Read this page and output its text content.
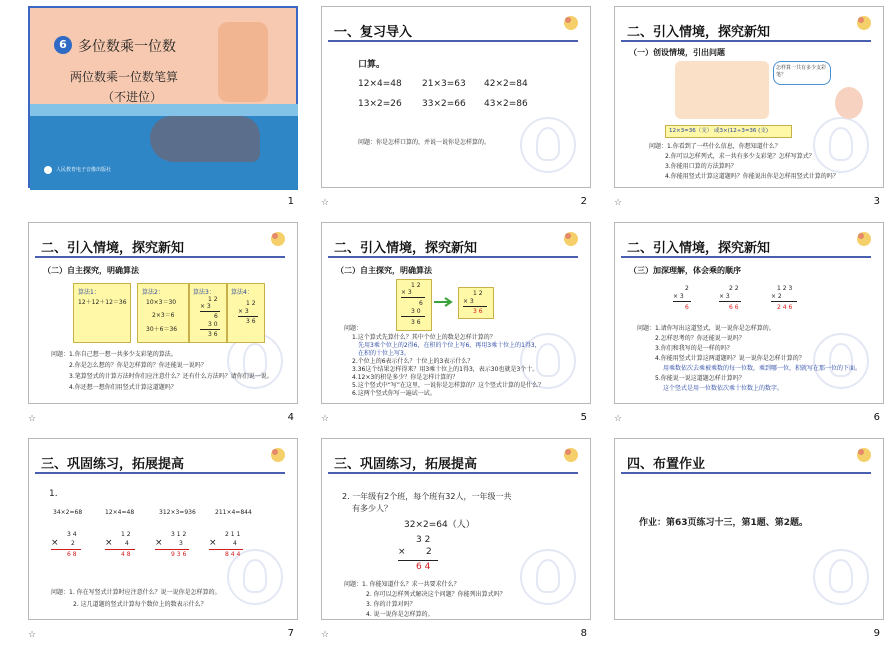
6 多位数乘一位数
两位数乘一位数笔算
（不进位）
人民教育电子音像出版社
1
一、复习导入
口算。
12×4=48 21×3=63 42×2=84
13×2=26 33×2=66 43×2=86
问题：你是怎样口算的，并说一说你是怎样算的。
☆	2
二、引入情境，探究新知
（一）创设情境，引出问题
怎样算一共有多少支彩笔？
12×3=36（支） 或3×(12÷3=36 (支)
问题：1.你看到了一些什么信息，你想知道什么？
2.你可以怎样列式，求一共有多少支彩笔？怎样写算式？
3.你能用口算的方法算吗？
4.你能用竖式计算这道题吗？你能说出你是怎样用竖式计算的吗？
☆	3
二、引入情境，探究新知
（二）自主探究，明确算法
算法1：
12＋12＋12＝36
算法2：
10×3＝30
2×3＝6
30＋6＝36
算法3：
1 2
× 3
6
3 0
3 6
算法4：
1 2
× 3
3 6
问题：1.你自己想一想一共多少支彩笔的算法。
2.你是怎么想的？你是怎样算的？你还能说一说吗？
3.笔算竖式的计算方法时你们应注意什么？还有什么方法吗？请你们说一说。
4.你还想一想你们用竖式计算这道题吗？
☆	4
二、引入情境，探究新知
（二）自主探究，明确算法
1 2
× 3
6
3 0
3 6
1 2
× 3
3 6
问题：
1.这个算式先算什么？其中个位上的数是怎样计算的？
先用3乘个位上的2得6，在积的个位上写6，再用3乘十位上的1得3，
在积的十位上写3。
2.个位上的6表示什么？十位上的3表示什么？
3.36这个结果怎样得来？用3乘十位上的1得3，表示30也就是3个十。
4.12×3的积是多少？你是怎样计算的？
5.这个竖式中“写”在这里，一说你是怎样算的？这个竖式计算的是什么？
6.这两个竖式你写一遍试一试。
☆	5
二、引入情境，探究新知
（三）加深理解，体会乘的顺序
2
× 3
6
2 2
× 3
6 6
1 2 3
× 2
2 4 6
问题：1.请你写出这道竖式，说一说你是怎样算的。
2.怎样思考的？你还能说一说吗？
3.你们和我写的是一样的吗？
4.你能用竖式计算这两道题吗？说一说你是怎样计算的？
用乘数依次去乘被乘数的每一位数，乘到哪一位，积就写在那一位的下面。
5.你能说一说这道题怎样计算吗？
这个竖式是用一位数依次乘十位数上的数字。
☆	6
三、巩固练习，拓展提高
1.
34×2=68	12×4=48	312×3=936	211×4=844
3 4
× 2
6 8
1 2
× 4
4 8
3 1 2
×	3
9 3 6
2 1 1
×	4
8 4 4
问题：1. 你在写竖式计算时应注意什么？说一说你是怎样算的。
2. 这几道题的竖式计算每个数位上的数表示什么？
☆	7
三、巩固练习，拓展提高
2. 一年级有2个班，每个班有32人，一年级一共
有多少人？
32×2=64（人）
3 2
× 2
6 4
问题：1. 你能知道什么？求一共要求什么？
2. 你可以怎样列式解决这个问题？你能列出算式吗？
3. 你的计算对吗？
4. 说一说你是怎样算的。
☆	8
四、布置作业
作业：第63页练习十三，第1题、第2题。
9
